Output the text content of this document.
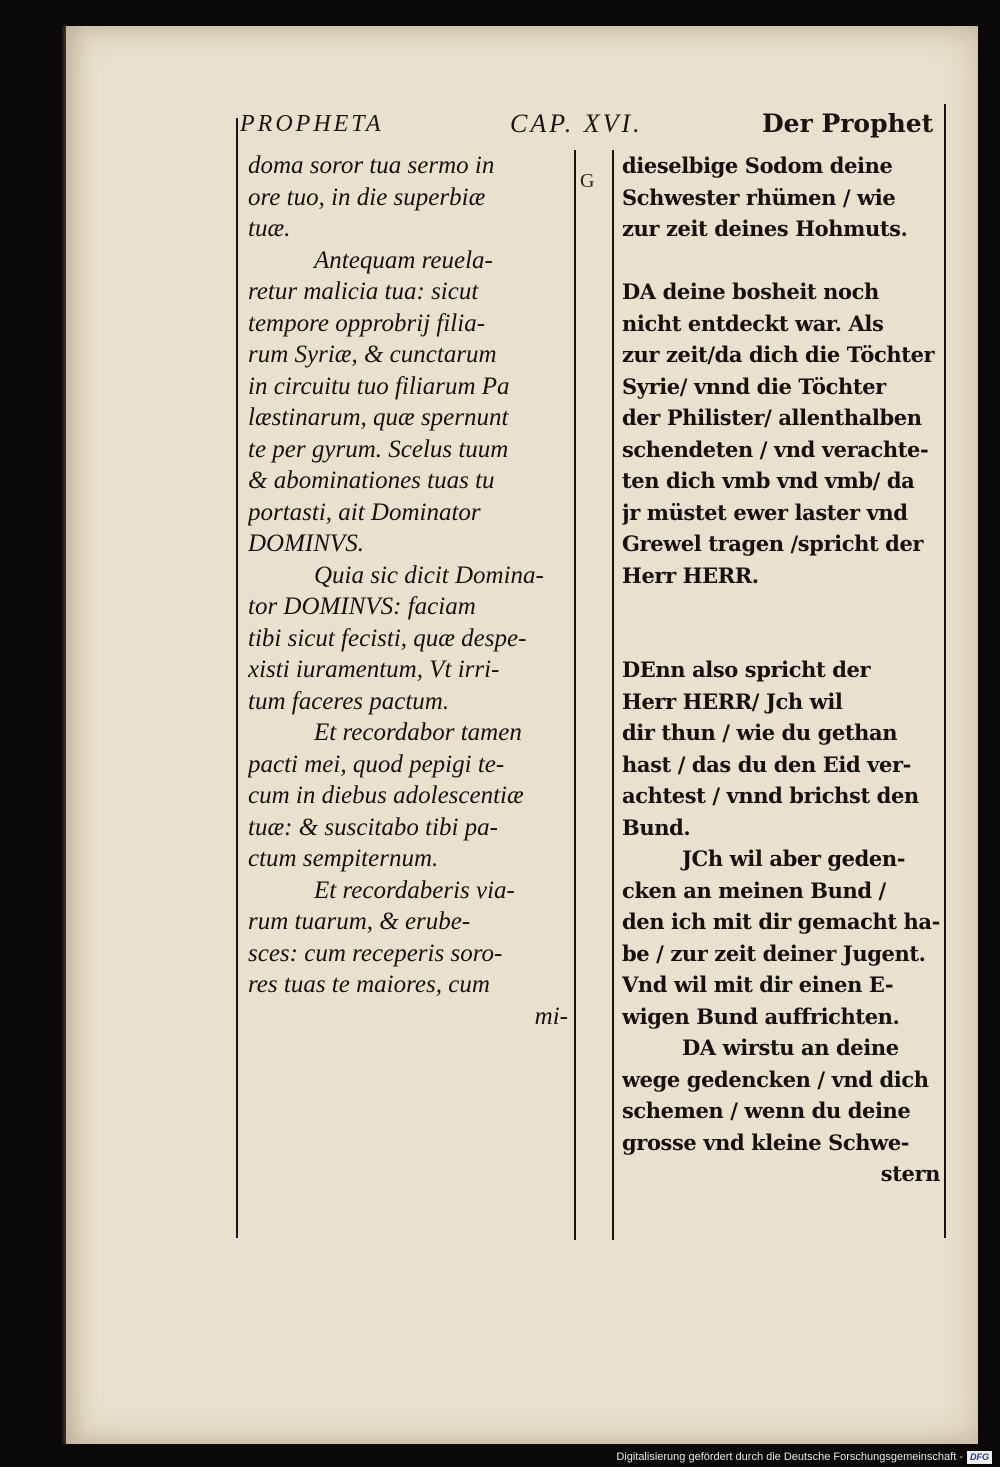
PROPHETA	CAP. XVI.	Der Prophet
G
doma soror tua sermo in
ore tuo, in die superbiæ
tuæ.
Antequam reuela-
retur malicia tua: sicut
tempore opprobrij filia-
rum Syriæ, & cunctarum
in circuitu tuo filiarum Pa
læstinarum, quæ spernunt
te per gyrum. Scelus tuum
& abominationes tuas tu
portasti, ait Dominator
DOMINVS.
Quia sic dicit Domina-
tor DOMINVS: faciam
tibi sicut fecisti, quæ despe-
xisti iuramentum, Vt irri-
tum faceres pactum.
Et recordabor tamen
pacti mei, quod pepigi te-
cum in diebus adolescentiæ
tuæ: & suscitabo tibi pa-
ctum sempiternum.
Et recordaberis via-
rum tuarum, & erube-
sces: cum receperis soro-
res tuas te maiores, cum
mi-
dieselbige Sodom deine
Schwester rhümen / wie
zur zeit deines Hohmuts.
DA deine bosheit noch
nicht entdeckt war. Als
zur zeit/da dich die Töchter
Syrie/ vnnd die Töchter
der Philister/ allenthalben
schendeten / vnd verachte-
ten dich vmb vnd vmb/ da
jr müstet ewer laster vnd
Grewel tragen /spricht der
Herr HERR.
DEnn also spricht der
Herr HERR/ Jch wil
dir thun / wie du gethan
hast / das du den Eid ver-
achtest / vnnd brichst den
Bund.
JCh wil aber geden-
cken an meinen Bund /
den ich mit dir gemacht ha-
be / zur zeit deiner Jugent.
Vnd wil mit dir einen E-
wigen Bund auffrichten.
DA wirstu an deine
wege gedencken / vnd dich
schemen / wenn du deine
grosse vnd kleine Schwe-
stern
Digitalisierung gefördert durch die Deutsche Forschungsgemeinschaft - DFG
